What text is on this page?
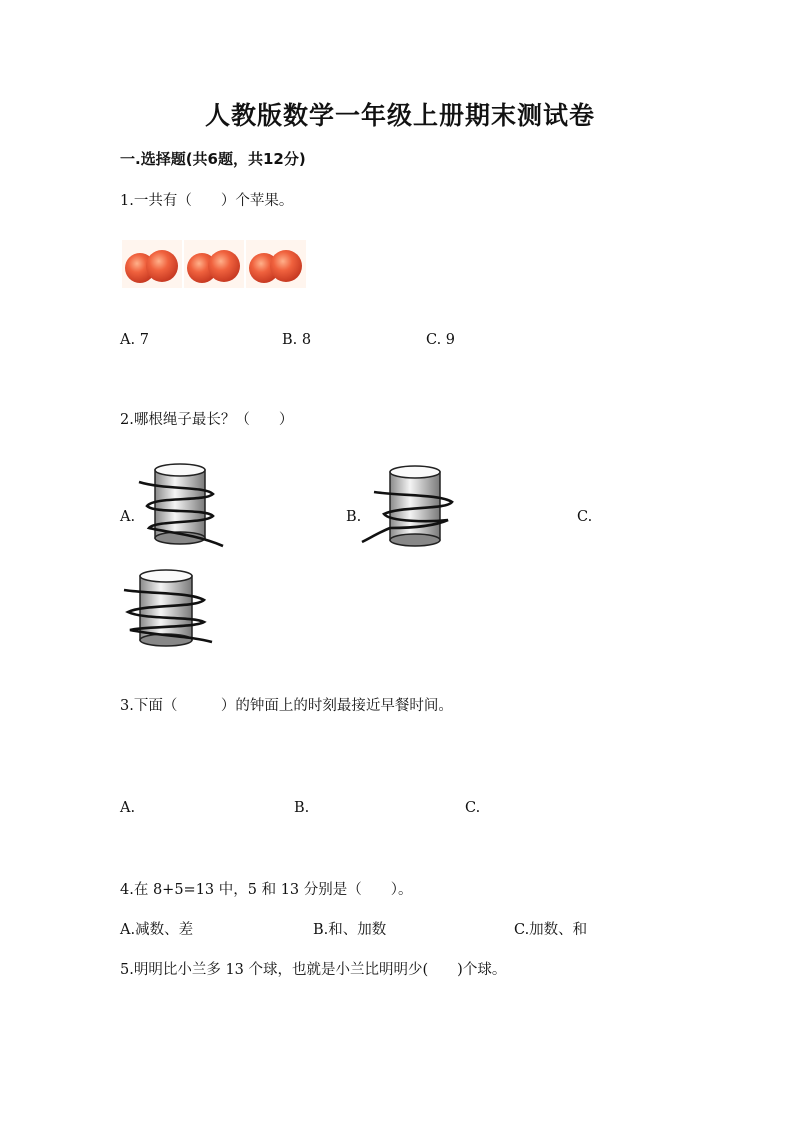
人教版数学一年级上册期末测试卷
一.选择题(共6题，共12分)
1.一共有（　　）个苹果。
A. 7	B. 8	C. 9
2.哪根绳子最长？（　　）
A.	B.	C.
3.下面（　　　）的钟面上的时刻最接近早餐时间。
A.	B.	C.
4.在 8+5=13 中，5 和 13 分别是（　　）。
A.减数、差	B.和、加数	C.加数、和
5.明明比小兰多 13 个球，也就是小兰比明明少(　　)个球。
